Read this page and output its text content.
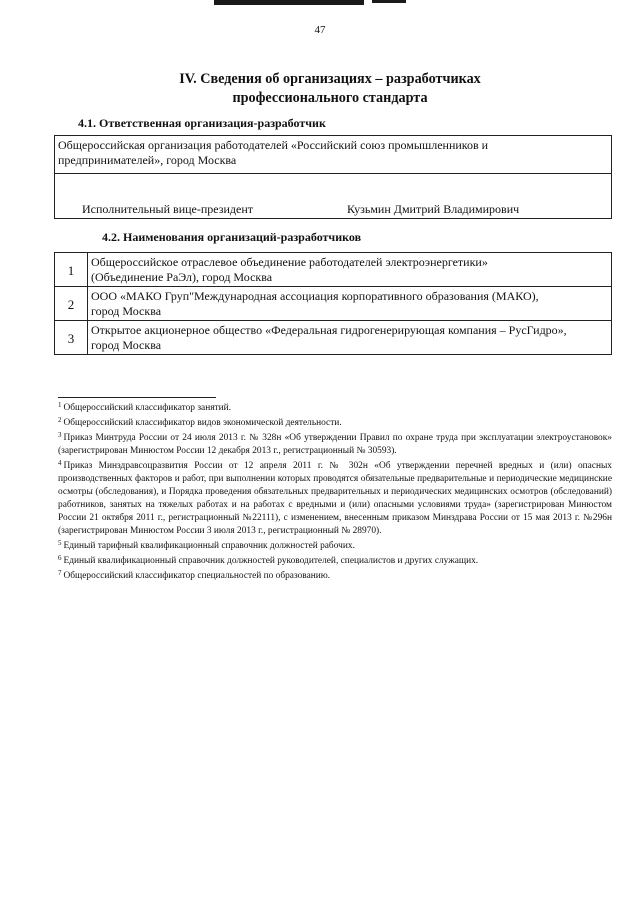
47
IV. Сведения об организациях – разработчиках
профессионального стандарта
4.1. Ответственная организация-разработчик
Общероссийская организация работодателей «Российский союз промышленников и
предпринимателей», город Москва
Исполнительный вице-президент	Кузьмин Дмитрий Владимирович
4.2. Наименования организаций-разработчиков
1	Общероссийское отраслевое объединение работодателей электроэнергетики»
(Объединение РаЭл), город Москва

2	ООО «МАКО Груп"Международная ассоциация корпоративного образования (МАКО),
город Москва

3	Открытое акционерное общество «Федеральная гидрогенерирующая компания – РусГидро»,
город Москва

$^1$ Общероссийский классификатор занятий.

$^2$ Общероссийский классификатор видов экономической деятельности.

$^3$ Приказ Минтруда России от 24 июля 2013 г. № 328н «Об утверждении Правил по охране труда при эксплуатации электроустановок» (зарегистрирован Минюстом России 12 декабря 2013 г., регистрационный № 30593).

$^4$ Приказ Минздравсоцразвития России от 12 апреля 2011 г. № 302н «Об утверждении перечней вредных и (или) опасных производственных факторов и работ, при выполнении которых проводятся обязательные предварительные и периодические медицинские осмотры (обследования), и Порядка проведения обязательных предварительных и периодических медицинских осмотров (обследований) работников, занятых на тяжелых работах и на работах с вредными и (или) опасными условиями труда» (зарегистрирован Минюстом России 21 октября 2011 г., регистрационный №22111), с изменением, внесенным приказом Минздрава России от 15 мая 2013 г. №296н (зарегистрирован Минюстом России 3 июля 2013 г., регистрационный № 28970).

$^5$ Единый тарифный квалификационный справочник должностей рабочих.

$^6$ Единый квалификационный справочник должностей руководителей, специалистов и других служащих.

$^7$ Общероссийский классификатор специальностей по образованию.
